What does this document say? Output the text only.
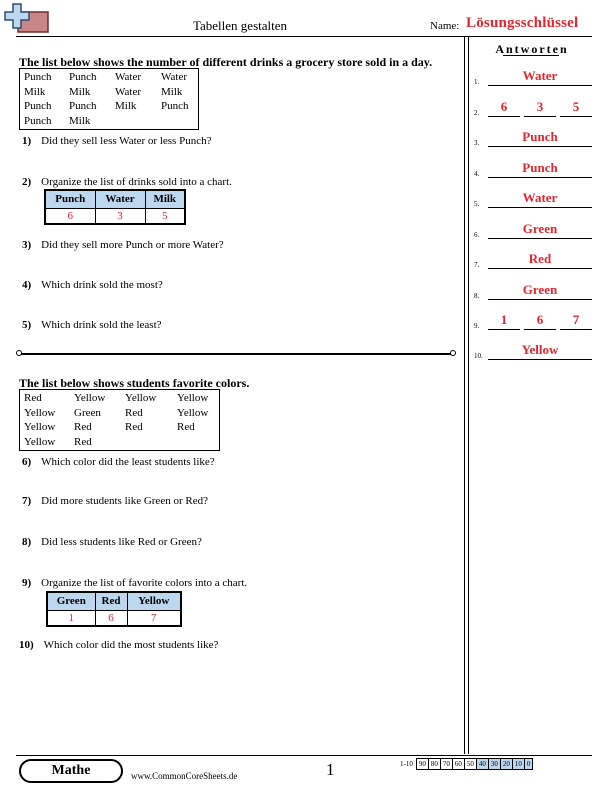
Tabellen gestalten	Name: Lösungsschlüssel
Antworten
1.	Water
2.	6	3	5
3.	Punch
4.	Punch
5.	Water
6.	Green
7.	Red
8.	Green
9.	1	6	7
10.	Yellow
The list below shows the number of different drinks a grocery store sold in a day.
Punch	Punch	Water	Water
Milk	Milk	Water	Milk
Punch	Punch	Milk	Punch
Punch	Milk
1) Did they sell less Water or less Punch?
2) Organize the list of drinks sold into a chart.
Punch	Water	Milk
6	3	5
3) Did they sell more Punch or more Water?
4) Which drink sold the most?
5) Which drink sold the least?
The list below shows students favorite colors.
Red	Yellow	Yellow	Yellow
Yellow	Green	Red	Yellow
Yellow	Red	Red	Red
Yellow	Red
6) Which color did the least students like?
7) Did more students like Green or Red?
8) Did less students like Red or Green?
9) Organize the list of favorite colors into a chart.
Green	Red	Yellow
1	6	7
10) Which color did the most students like?
Mathe	www.CommonCoreSheets.de	1	1-10	90	80	70	60	50	40	30	20	10	0
